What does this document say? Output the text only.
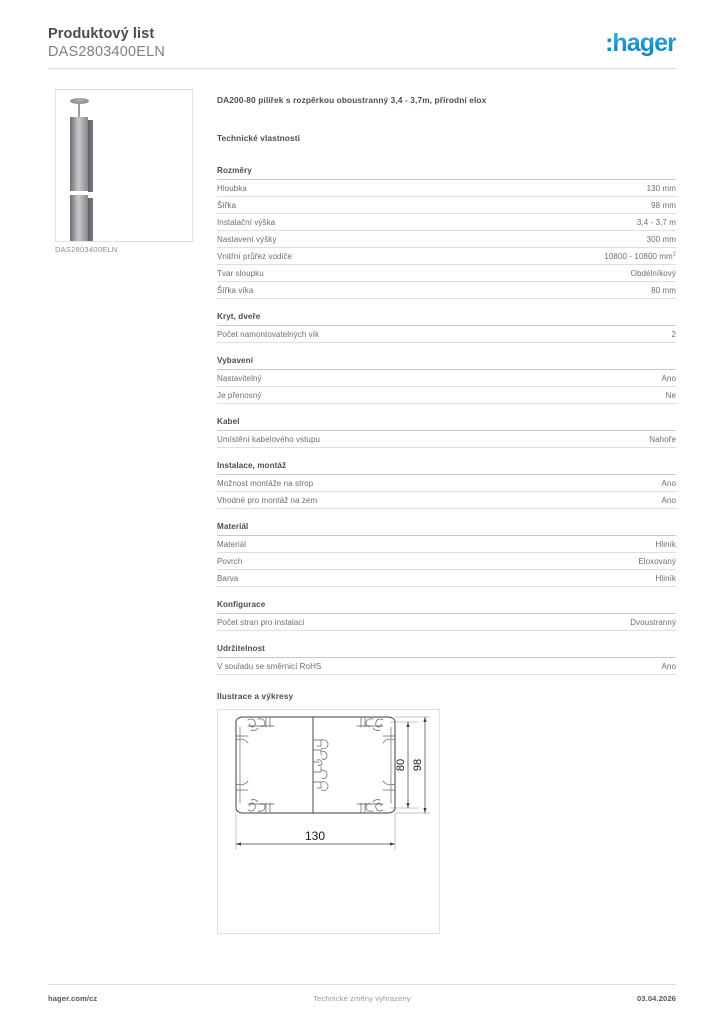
Produktový list
DAS2803400ELN	:hager
DAS2803400ELN
DA200-80 pilířek s rozpěrkou oboustranný 3,4 - 3,7m, přírodní elox
Technické vlastnosti
Rozměry
Hloubka	130 mm
Šířka	98 mm
Instalační výška	3,4 - 3,7 m
Nastavení výšky	300 mm
Vnitřní průřez vodiče	10800 - 10800 $mm^2$
Tvar sloupku	Obdélníkový
Šířka víka	80 mm
Kryt, dveře
Počet namontovatelných vík	2
Vybavení
Nastavitelný	Ano
Je přenosný	Ne
Kabel
Umístění kabelového vstupu	Nahoře
Instalace, montáž
Možnost montáže na strop	Ano
Vhodné pro montáž na zem	Ano
Materiál
Materiál	Hliník
Povrch	Eloxovaný
Barva	Hliník
Konfigurace
Počet stran pro instalaci	Dvoustranný
Udržitelnost
V souladu se směrnicí RoHS	Ano
Ilustrace a výkresy
80 98
130
hager.com/cz	Technické změny vyhrazeny	03.04.2026
